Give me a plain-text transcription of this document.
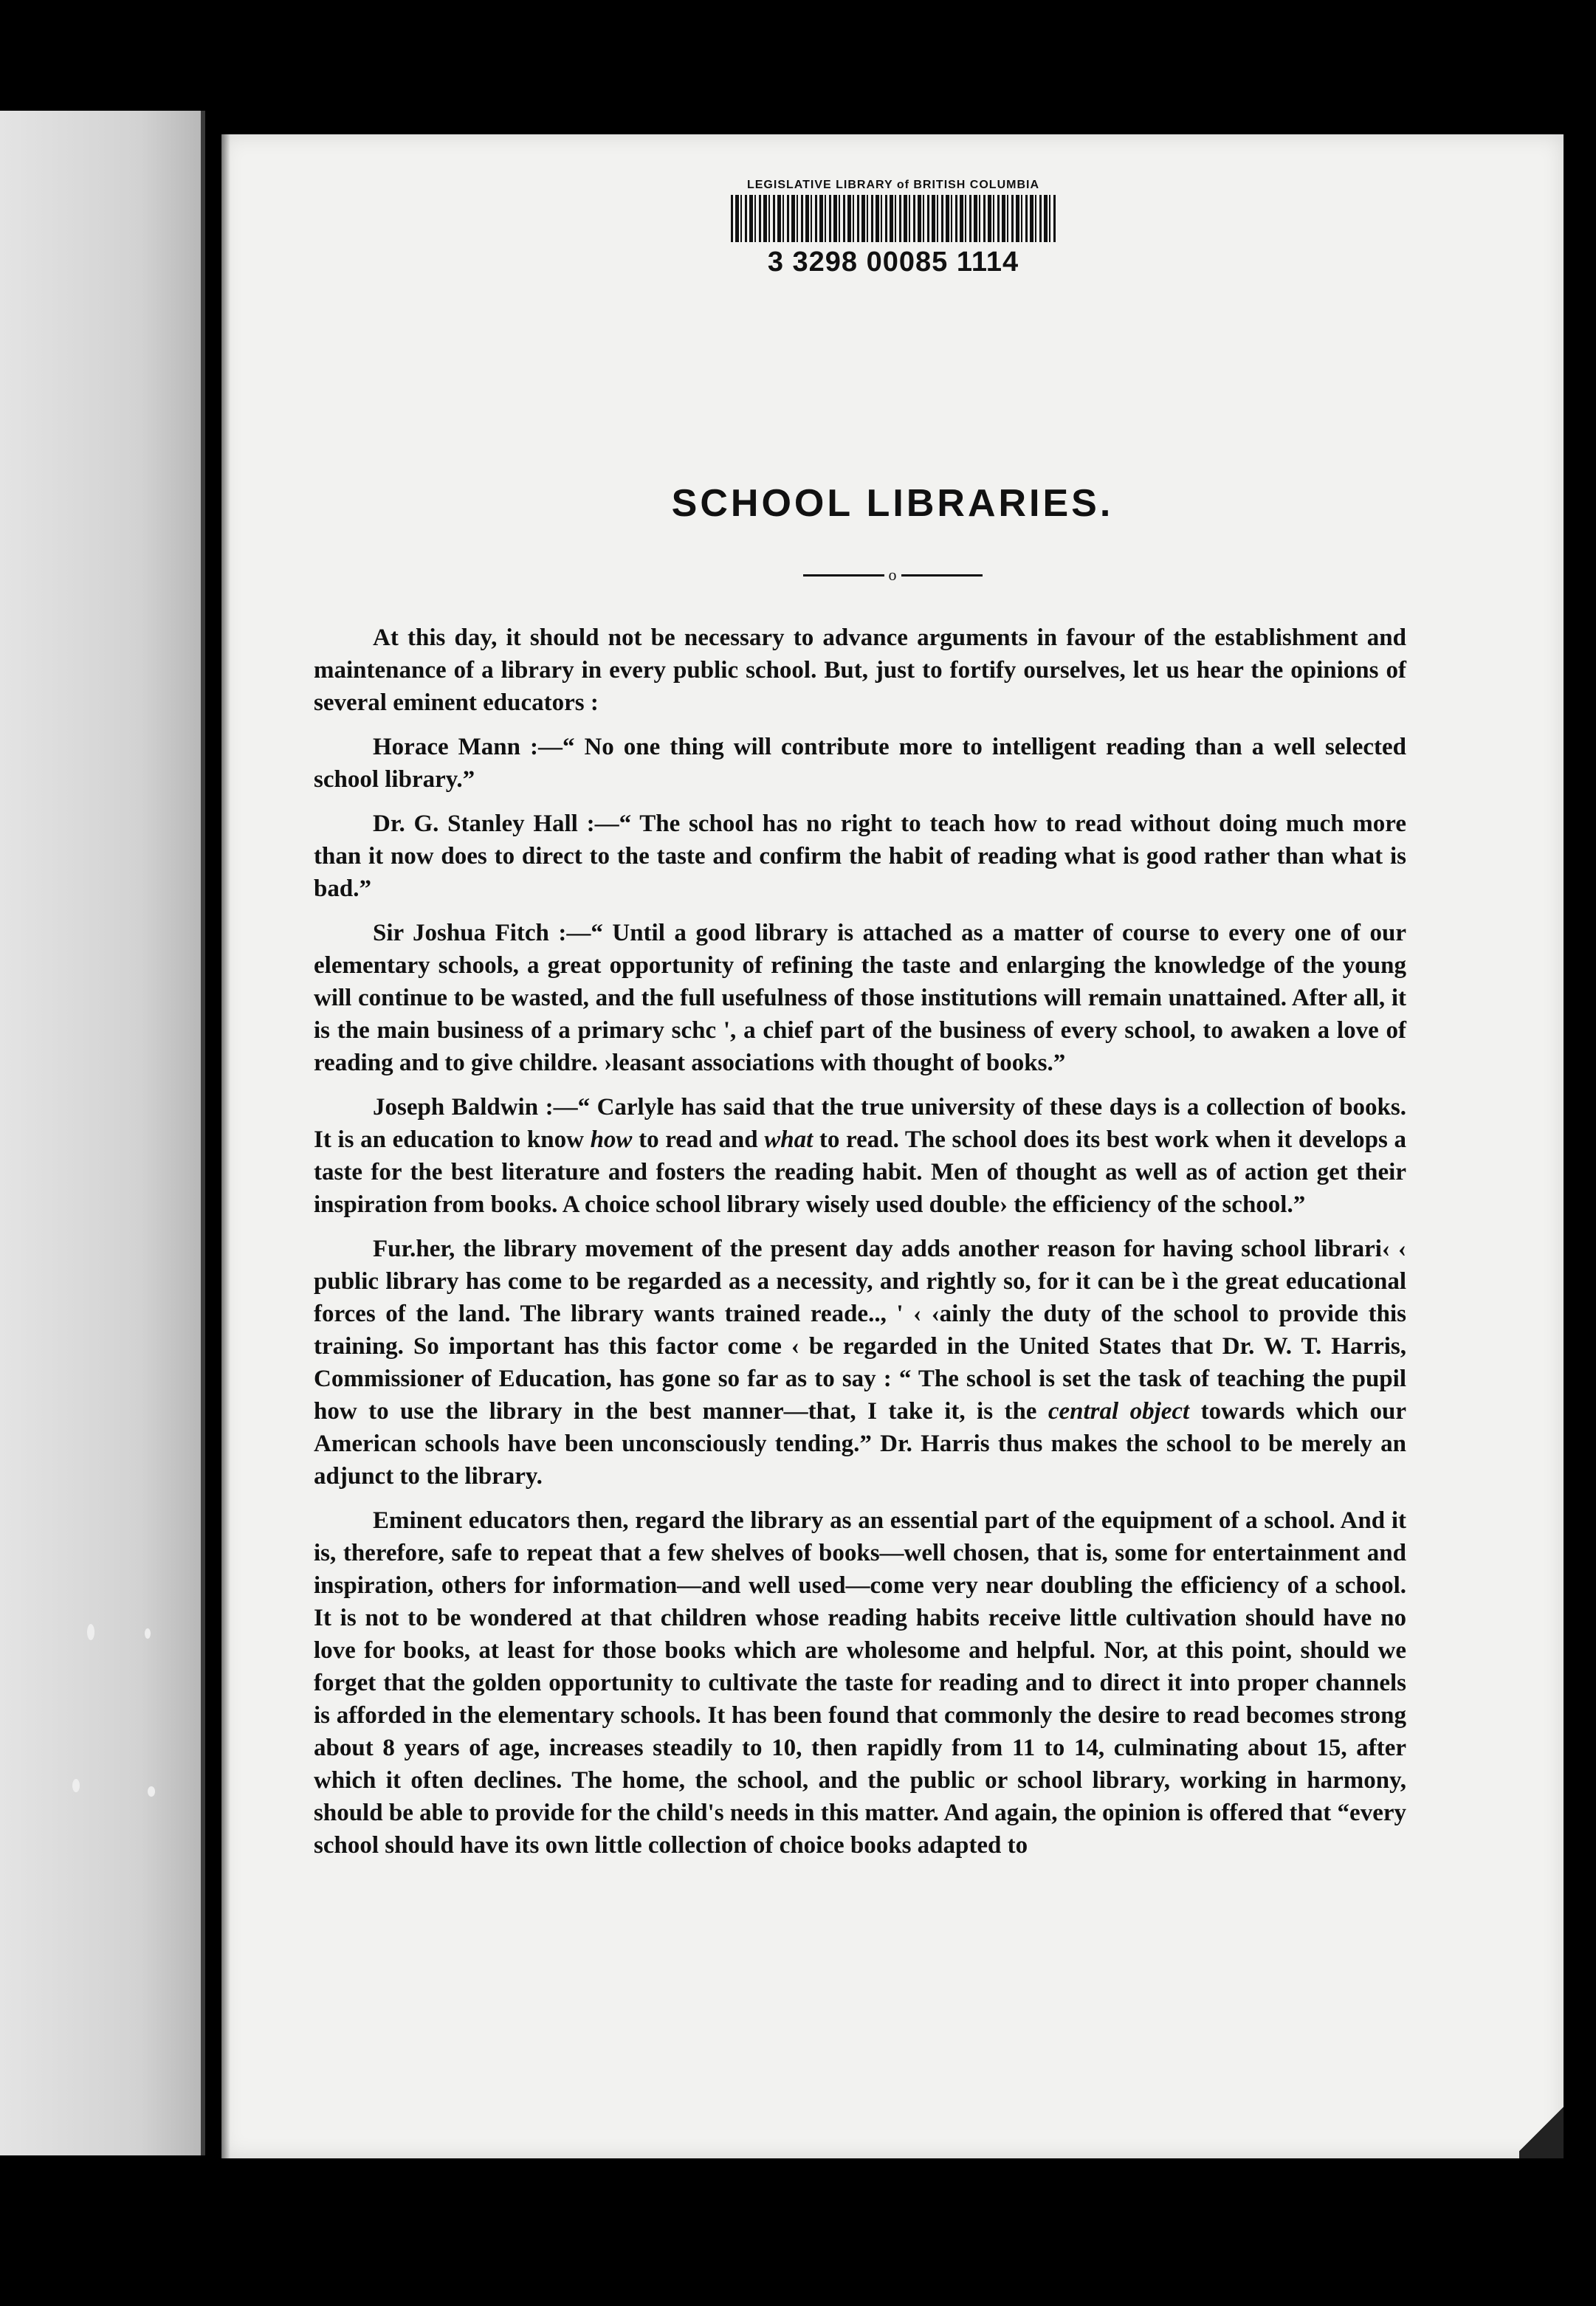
LEGISLATIVE LIBRARY of BRITISH COLUMBIA
3 3298 00085 1114
SCHOOL LIBRARIES.
o

At this day, it should not be necessary to advance arguments in favour of the establishment and maintenance of a library in every public school. But, just to fortify ourselves, let us hear the opinions of several eminent educators :

Horace Mann :—“ No one thing will contribute more to intelligent reading than a well selected school library.”

Dr. G. Stanley Hall :—“ The school has no right to teach how to read without doing much more than it now does to direct to the taste and confirm the habit of reading what is good rather than what is bad.”

Sir Joshua Fitch :—“ Until a good library is attached as a matter of course to every one of our elementary schools, a great opportunity of refining the taste and enlarging the knowledge of the young will continue to be wasted, and the full usefulness of those institutions will remain unattained. After all, it is the main business of a primary schc ', a chief part of the business of every school, to awaken a love of reading and to give childre. ›leasant associations with thought of books.”

Joseph Baldwin :—“ Carlyle has said that the true university of these days is a collection of books. It is an education to know how to read and what to read. The school does its best work when it develops a taste for the best literature and fosters the reading habit. Men of thought as well as of action get their inspiration from books. A choice school library wisely used double› the efficiency of the school.”

Fur.her, the library movement of the present day adds another reason for having school librari‹ ‹ public library has come to be regarded as a necessity, and rightly so, for it can be ì the great educational forces of the land. The library wants trained reade.., ' ‹ ‹ainly the duty of the school to provide this training. So important has this factor come ‹ be regarded in the United States that Dr. W. T. Harris, Commissioner of Education, has gone so far as to say : “ The school is set the task of teaching the pupil how to use the library in the best manner—that, I take it, is the central object towards which our American schools have been unconsciously tending.” Dr. Harris thus makes the school to be merely an adjunct to the library.

Eminent educators then, regard the library as an essential part of the equipment of a school. And it is, therefore, safe to repeat that a few shelves of books—well chosen, that is, some for entertainment and inspiration, others for information—and well used—come very near doubling the efficiency of a school. It is not to be wondered at that children whose reading habits receive little cultivation should have no love for books, at least for those books which are wholesome and helpful. Nor, at this point, should we forget that the golden opportunity to cultivate the taste for reading and to direct it into proper channels is afforded in the elementary schools. It has been found that commonly the desire to read becomes strong about 8 years of age, increases steadily to 10, then rapidly from 11 to 14, culminating about 15, after which it often declines. The home, the school, and the public or school library, working in harmony, should be able to provide for the child's needs in this matter. And again, the opinion is offered that “every school should have its own little collection of choice books adapted to
